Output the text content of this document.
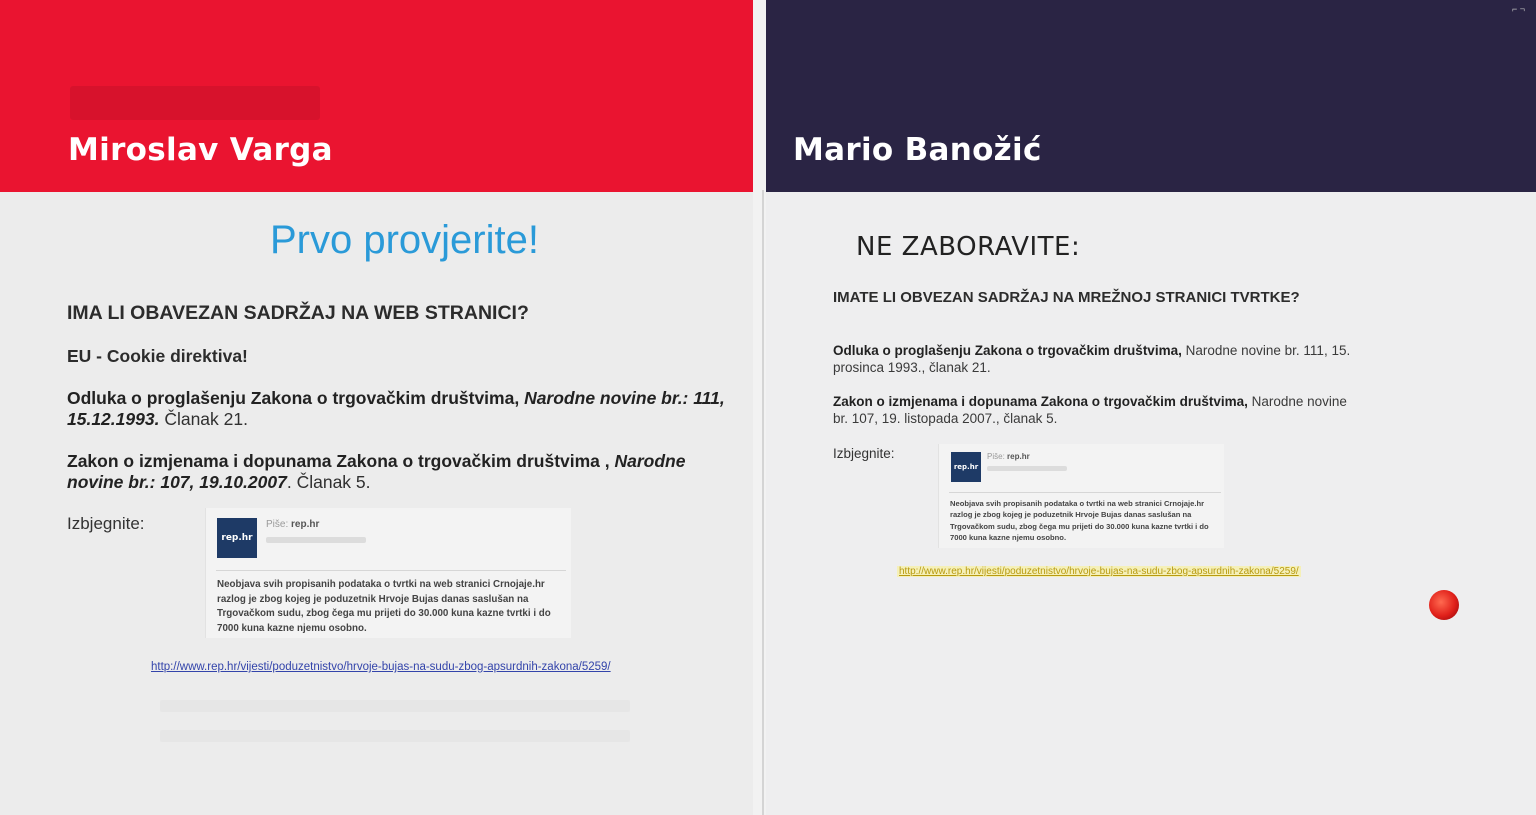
Miroslav Varga
Prvo provjerite!
IMA LI OBAVEZAN SADRŽAJ NA WEB STRANICI?
EU - Cookie direktiva!

Odluka o proglašenju Zakona o trgovačkim društvima, Narodne novine br.: 111, 15.12.1993. Članak 21.

Zakon o izmjenama i dopunama Zakona o trgovačkim društvima , Narodne novine br.: 107, 19.10.2007. Članak 5.

Izbjegnite:
rep.hr
Piše: rep.hr
Neobjava svih propisanih podataka o tvrtki na web stranici Crnojaje.hr razlog je zbog kojeg je poduzetnik Hrvoje Bujas danas saslušan na Trgovačkom sudu, zbog čega mu prijeti do 30.000 kuna kazne tvrtki i do 7000 kuna kazne njemu osobno.
http://www.rep.hr/vijesti/poduzetnistvo/hrvoje-bujas-na-sudu-zbog-apsurdnih-zakona/5259/
Mario Banožić
⌐ ¬
NE ZABORAVITE:
IMATE LI OBVEZAN SADRŽAJ NA MREŽNOJ STRANICI TVRTKE?

Odluka o proglašenju Zakona o trgovačkim društvima, Narodne novine br. 111, 15. prosinca 1993., članak 21.

Zakon o izmjenama i dopunama Zakona o trgovačkim društvima, Narodne novine br. 107, 19. listopada 2007., članak 5.

Izbjegnite:
rep.hr
Piše: rep.hr
Neobjava svih propisanih podataka o tvrtki na web stranici Crnojaje.hr razlog je zbog kojeg je poduzetnik Hrvoje Bujas danas saslušan na Trgovačkom sudu, zbog čega mu prijeti do 30.000 kuna kazne tvrtki i do 7000 kuna kazne njemu osobno.
http://www.rep.hr/vijesti/poduzetnistvo/hrvoje-bujas-na-sudu-zbog-apsurdnih-zakona/5259/
